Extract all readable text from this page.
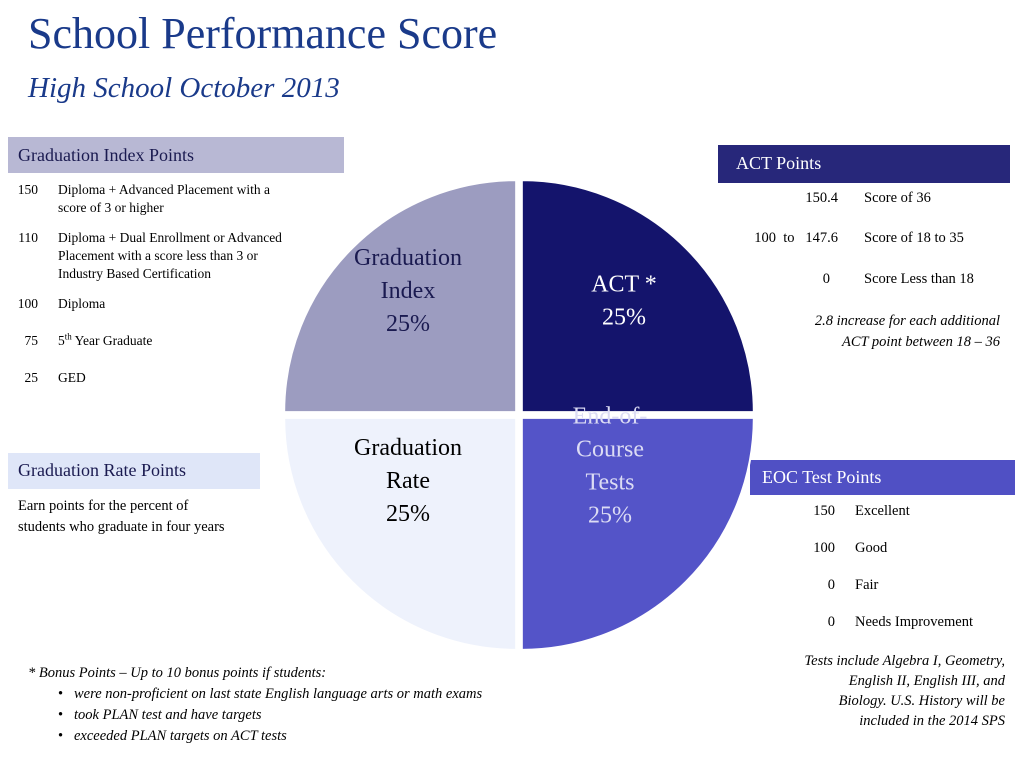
School Performance Score
High School October 2013
Graduation Index Points
150 Diploma + Advanced Placement with a
score of 3 or higher
110 Diploma + Dual Enrollment or Advanced
Placement with a score less than 3 or
Industry Based Certification
100 Diploma
75 5th Year Graduate
25 GED
Graduation Rate Points
Earn points for the percent of students who graduate in four years
ACT Points
150.4 Score of 36
100  to   147.6 Score of 18 to 35
0 Score Less than 18
2.8 increase for each additional
ACT point between 18 – 36
EOC Test Points
150 Excellent
100 Good
0 Fair
0 Needs Improvement
Tests include Algebra I, Geometry,
English II, English III, and
Biology. U.S. History will be
included in the 2014 SPS
* Bonus Points – Up to 10 bonus points if students:
• were non-proficient on last state English language arts or math exams
• took PLAN test and have targets
• exceeded PLAN targets on ACT tests
ACT * 25%
End-of-Course Tests 25%
Graduation Rate 25%
Graduation Index 25%
